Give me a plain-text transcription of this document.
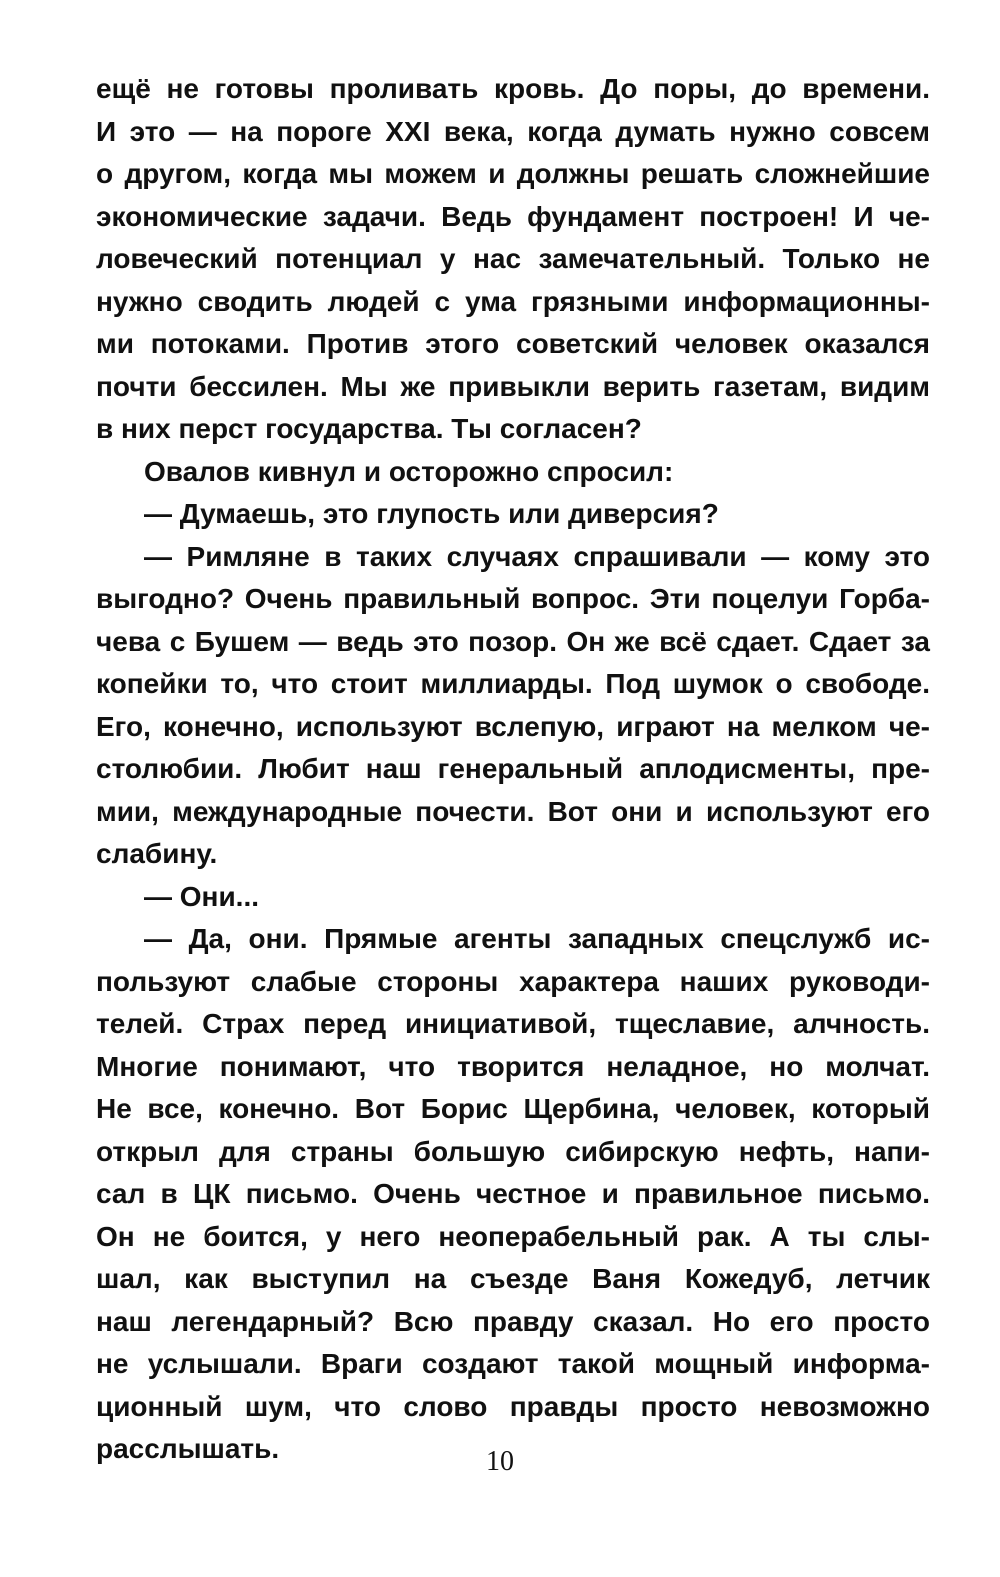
ещё не готовы проливать кровь. До поры, до времени.
И это — на пороге XXI века, когда думать нужно совсем
о другом, когда мы можем и должны решать сложнейшие
экономические задачи. Ведь фундамент построен! И че-
ловеческий потенциал у нас замечательный. Только не
нужно сводить людей с ума грязными информационны-
ми потоками. Против этого советский человек оказался
почти бессилен. Мы же привыкли верить газетам, видим
в них перст государства. Ты согласен?
Овалов кивнул и осторожно спросил:
— Думаешь, это глупость или диверсия?
— Римляне в таких случаях спрашивали — кому это
выгодно? Очень правильный вопрос. Эти поцелуи Горба-
чева с Бушем — ведь это позор. Он же всё сдает. Сдает за
копейки то, что стоит миллиарды. Под шумок о свободе.
Его, конечно, используют вслепую, играют на мелком че-
столюбии. Любит наш генеральный аплодисменты, пре-
мии, международные почести. Вот они и используют его
слабину.
— Они...
— Да, они. Прямые агенты западных спецслужб ис-
пользуют слабые стороны характера наших руководи-
телей. Страх перед инициативой, тщеславие, алчность.
Многие понимают, что творится неладное, но молчат.
Не все, конечно. Вот Борис Щербина, человек, который
открыл для страны большую сибирскую нефть, напи-
сал в ЦК письмо. Очень честное и правильное письмо.
Он не боится, у него неоперабельный рак. А ты слы-
шал, как выступил на съезде Ваня Кожедуб, летчик
наш легендарный? Всю правду сказал. Но его просто
не услышали. Враги создают такой мощный информа-
ционный шум, что слово правды просто невозможно
расслышать.	10
